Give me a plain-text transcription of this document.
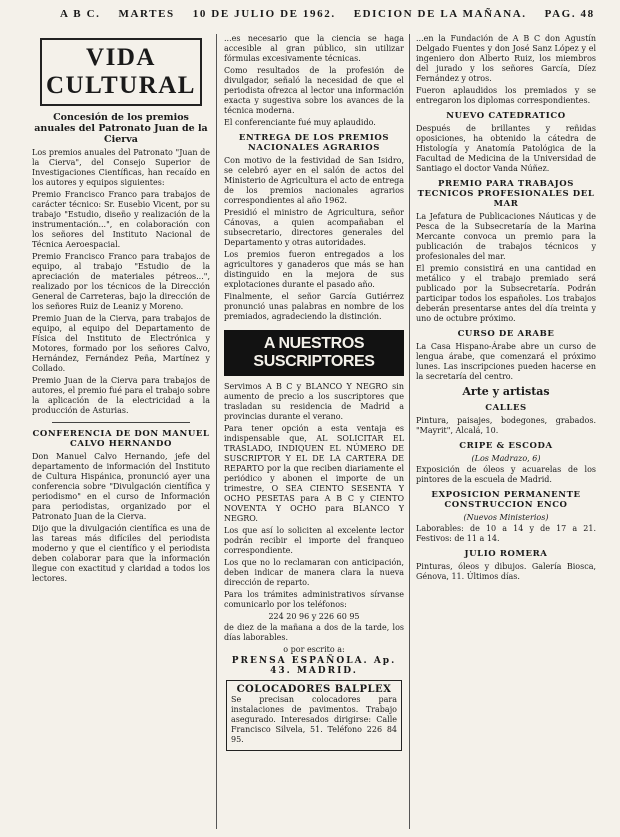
A B C. MARTES 10 DE JULIO DE 1962. EDICION DE LA MAÑANA. PAG. 48
VIDA CULTURAL
Concesión de los premios anuales del Patronato Juan de la Cierva

Los premios anuales del Patronato "Juan de la Cierva", del Consejo Superior de Investigaciones Científicas, han recaído en los autores y equipos siguientes:

Premio Francisco Franco para trabajos de carácter técnico: Sr. Eusebio Vicent, por su trabajo "Estudio, diseño y realización de la instrumentación...", en colaboración con los señores del Instituto Nacional de Técnica Aeroespacial.

Premio Francisco Franco para trabajos de equipo, al trabajo "Estudio de la apreciación de materiales pétreos...", realizado por los técnicos de la Dirección General de Carreteras, bajo la dirección de los señores Ruiz de Leaniz y Moreno.

Premio Juan de la Cierva, para trabajos de equipo, al equipo del Departamento de Física del Instituto de Electrónica y Motores, formado por los señores Calvo, Hernández, Fernández Peña, Martínez y Collado.

Premio Juan de la Cierva para trabajos de autores, el premio fué para el trabajo sobre la aplicación de la electricidad a la producción de Asturias.

CONFERENCIA DE DON MANUEL CALVO HERNANDO

Don Manuel Calvo Hernando, jefe del departamento de información del Instituto de Cultura Hispánica, pronunció ayer una conferencia sobre "Divulgación científica y periodismo" en el curso de Información para periodistas, organizado por el Patronato Juan de la Cierva.

Dijo que la divulgación científica es una de las tareas más difíciles del periodista moderno y que el científico y el periodista deben colaborar para que la información llegue con exactitud y claridad a todos los lectores.

...es necesario que la ciencia se haga accesible al gran público, sin utilizar fórmulas excesivamente técnicas.

Como resultados de la profesión de divulgador, señaló la necesidad de que el periodista ofrezca al lector una información exacta y sugestiva sobre los avances de la técnica moderna.

El conferenciante fué muy aplaudido.

ENTREGA DE LOS PREMIOS NACIONALES AGRARIOS

Con motivo de la festividad de San Isidro, se celebró ayer en el salón de actos del Ministerio de Agricultura el acto de entrega de los premios nacionales agrarios correspondientes al año 1962.

Presidió el ministro de Agricultura, señor Cánovas, a quien acompañaban el subsecretario, directores generales del Departamento y otras autoridades.

Los premios fueron entregados a los agricultores y ganaderos que más se han distinguido en la mejora de sus explotaciones durante el pasado año.

Finalmente, el señor García Gutiérrez pronunció unas palabras en nombre de los premiados, agradeciendo la distinción.

A NUESTROS SUSCRIPTORES

Servimos A B C y BLANCO Y NEGRO sin aumento de precio a los suscriptores que trasladan su residencia de Madrid a provincias durante el verano.

Para tener opción a esta ventaja es indispensable que, AL SOLICITAR EL TRASLADO, INDIQUEN EL NÚMERO DE SUSCRIPTOR Y EL DE LA CARTERA DE REPARTO por la que reciben diariamente el periódico y abonen el importe de un trimestre, O SEA CIENTO SESENTA Y OCHO PESETAS para A B C y CIENTO NOVENTA Y OCHO para BLANCO Y NEGRO.

Los que así lo soliciten al excelente lector podrán recibir el importe del franqueo correspondiente.

Los que no lo reclamaran con anticipación, deben indicar de manera clara la nueva dirección de reparto.

Para los trámites administrativos sírvanse comunicarlo por los teléfonos:

224 20 96 y 226 60 95

de diez de la mañana a dos de la tarde, los días laborables.

o por escrito a:
PRENSA ESPAÑOLA. Ap. 43. MADRID.
COLOCADORES BALPLEX

Se precisan colocadores para instalaciones de pavimentos. Trabajo asegurado. Interesados dirigirse: Calle Francisco Silvela, 51. Teléfono 226 84 95.

...en la Fundación de A B C don Agustín Delgado Fuentes y don José Sanz López y el ingeniero don Alberto Ruiz, los miembros del jurado y los señores García, Díez Fernández y otros.

Fueron aplaudidos los premiados y se entregaron los diplomas correspondientes.

NUEVO CATEDRATICO

Después de brillantes y reñidas oposiciones, ha obtenido la cátedra de Histología y Anatomía Patológica de la Facultad de Medicina de la Universidad de Santiago el doctor Vanda Núñez.

PREMIO PARA TRABAJOS TECNICOS PROFESIONALES DEL MAR

La Jefatura de Publicaciones Náuticas y de Pesca de la Subsecretaría de la Marina Mercante convoca un premio para la publicación de trabajos técnicos y profesionales del mar.

El premio consistirá en una cantidad en metálico y el trabajo premiado será publicado por la Subsecretaría. Podrán participar todos los españoles. Los trabajos deberán presentarse antes del día treinta y uno de octubre próximo.

CURSO DE ARABE

La Casa Hispano-Árabe abre un curso de lengua árabe, que comenzará el próximo lunes. Las inscripciones pueden hacerse en la secretaría del centro.

Arte y artistas
CALLES

Pintura, paisajes, bodegones, grabados. "Mayrit", Alcalá, 10.

CRIPE & ESCODA
(Los Madrazo, 6)

Exposición de óleos y acuarelas de los pintores de la escuela de Madrid.

EXPOSICION PERMANENTE CONSTRUCCION ENCO
(Nuevos Ministerios)

Laborables: de 10 a 14 y de 17 a 21. Festivos: de 11 a 14.

JULIO ROMERA

Pinturas, óleos y dibujos. Galería Biosca, Génova, 11. Últimos días.
